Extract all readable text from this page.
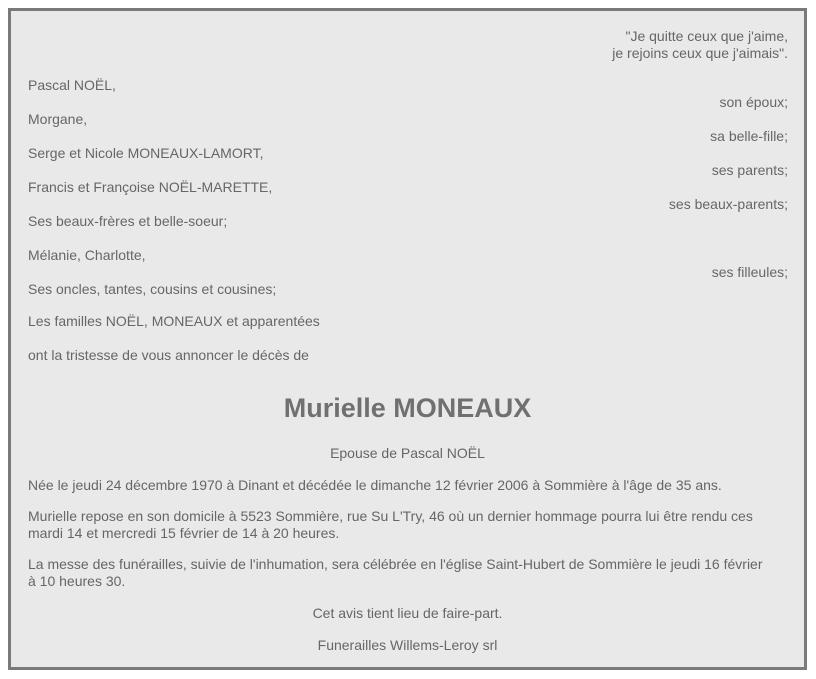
"Je quitte ceux que j'aime,
je rejoins ceux que j'aimais".
Pascal NOËL,
son époux;
Morgane,
sa belle-fille;
Serge et Nicole MONEAUX-LAMORT,
ses parents;
Francis et Françoise NOËL-MARETTE,
ses beaux-parents;
Ses beaux-frères et belle-soeur;
Mélanie, Charlotte,
ses filleules;
Ses oncles, tantes, cousins et cousines;
Les familles NOËL, MONEAUX et apparentées
ont la tristesse de vous annoncer le décès de
Murielle MONEAUX
Epouse de Pascal NOËL
Née le jeudi 24 décembre 1970 à Dinant et décédée le dimanche 12 février 2006 à Sommière à l'âge de 35 ans.
Murielle repose en son domicile à 5523 Sommière, rue Su L'Try, 46 où un dernier hommage pourra lui être rendu ces mardi 14 et mercredi 15 février de 14 à 20 heures.
La messe des funérailles, suivie de l'inhumation, sera célébrée en l'église Saint-Hubert de Sommière le jeudi 16 février à 10 heures 30.
Cet avis tient lieu de faire-part.
Funerailles Willems-Leroy srl
